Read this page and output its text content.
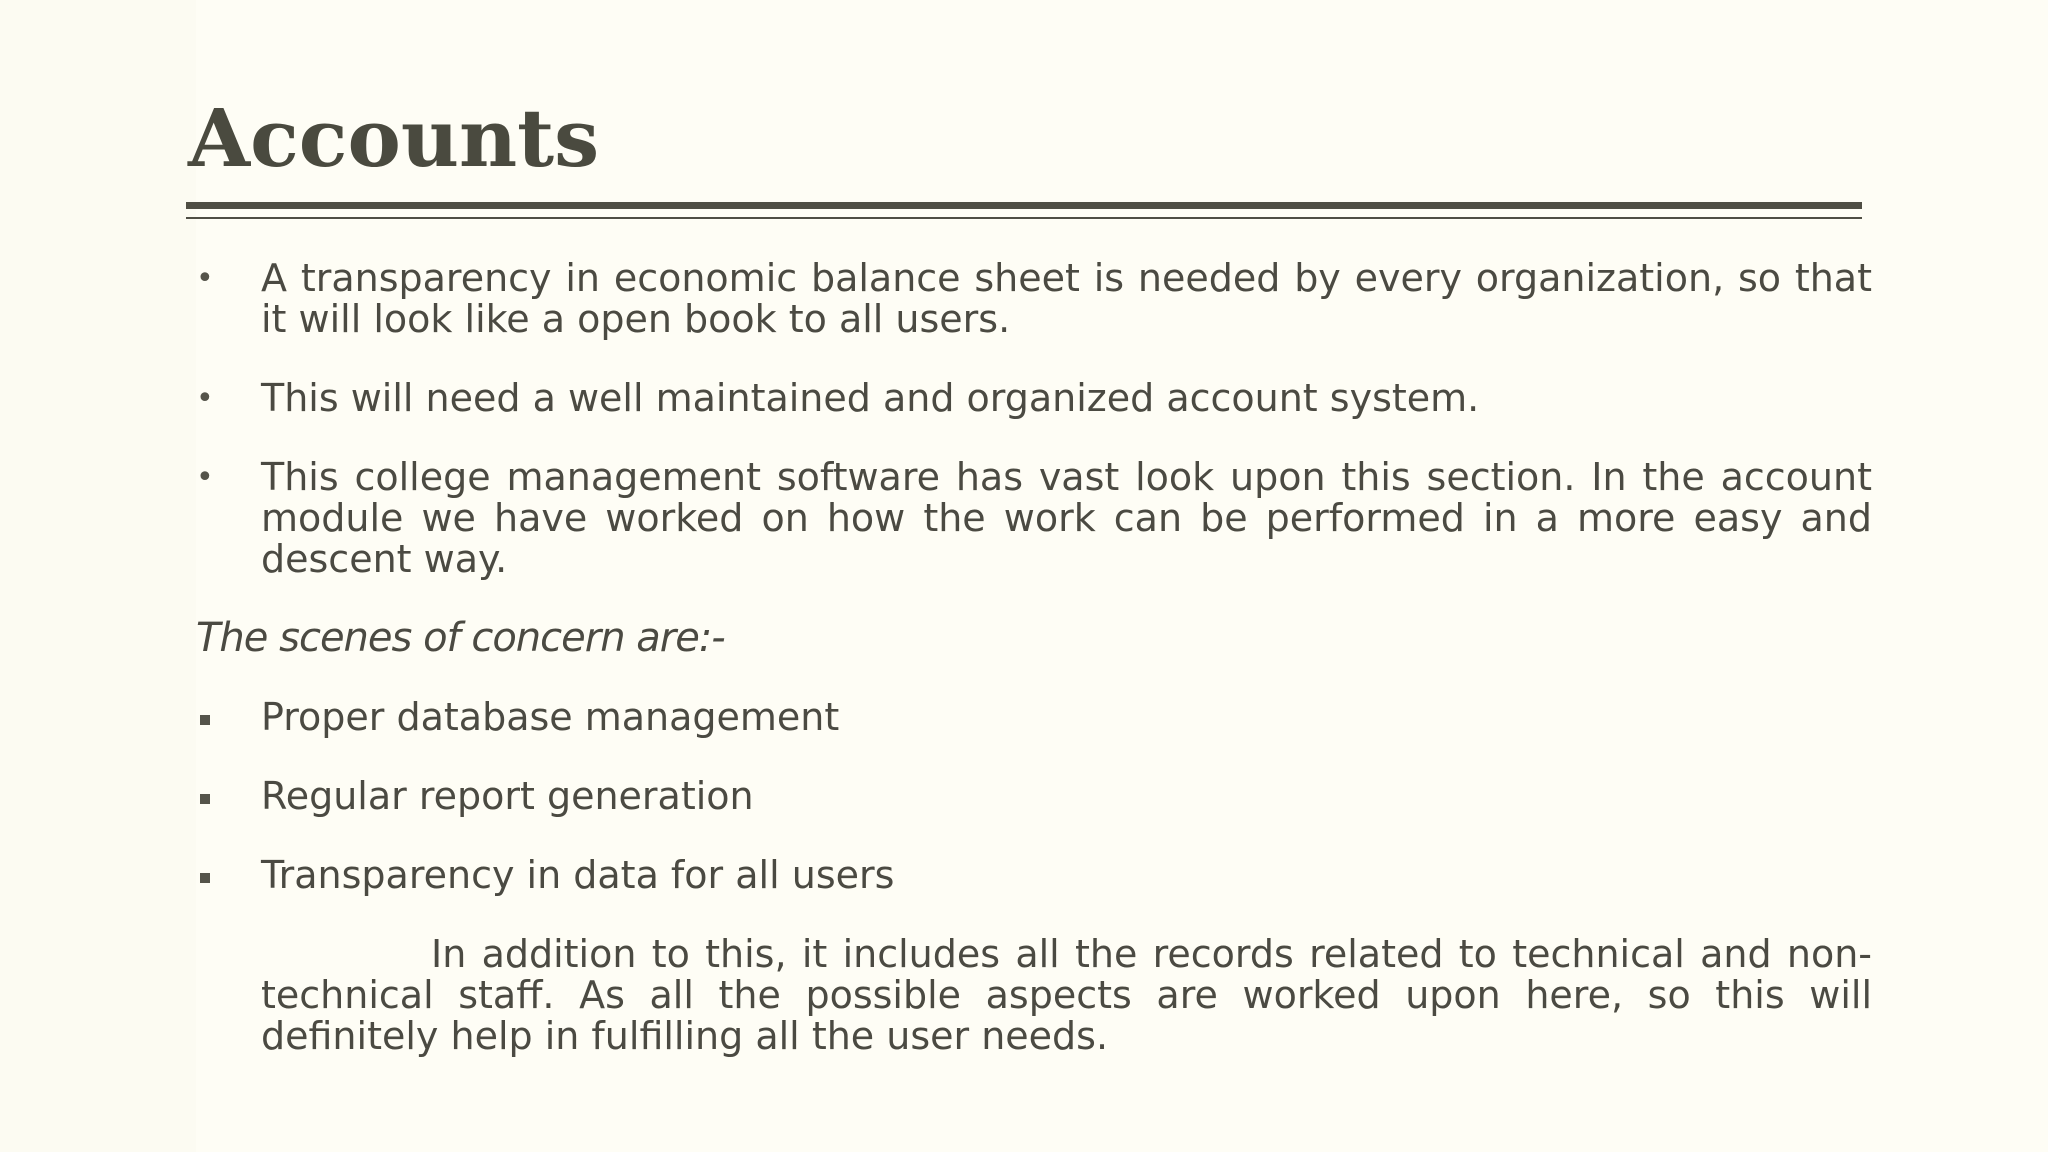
Accounts
• A transparency in economic balance sheet is needed by every organization, so that it will look like a open book to all users.

• This will need a well maintained and organized account system.

• This college management software has vast look upon this section. In the account module we have worked on how the work can be performed in a more easy and descent way.

The scenes of concern are:-

Proper database management

Regular report generation

Transparency in data for all users

In addition to this, it includes all the records related to technical and non-technical staff. As all the possible aspects are worked upon here, so this will definitely help in fulfilling all the user needs.
